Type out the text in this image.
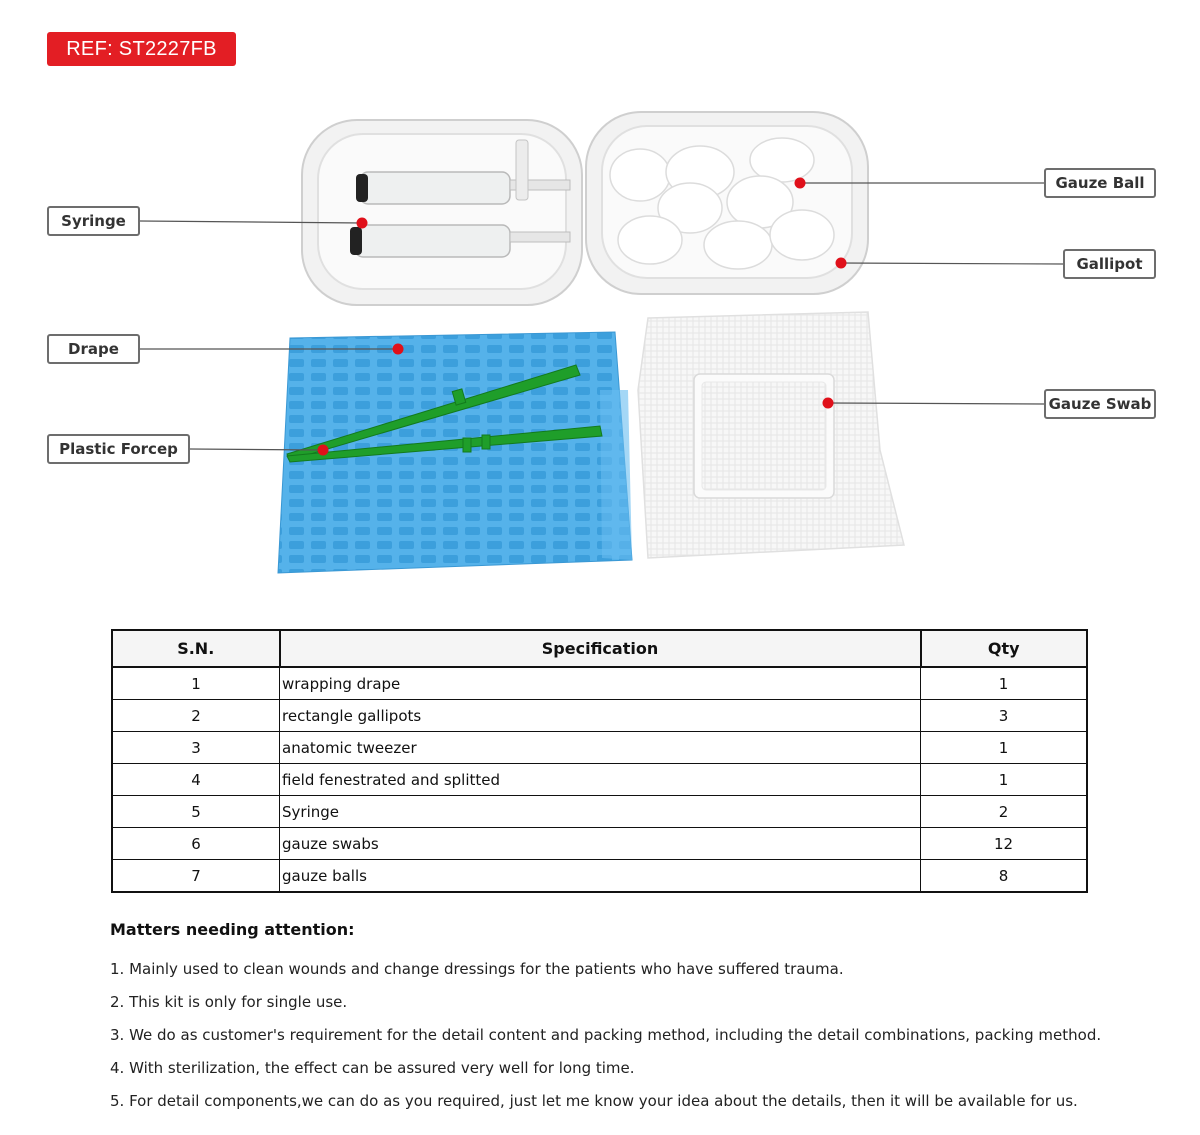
REF: ST2227FB
Syringe
Drape
Plastic Forcep
Gauze Ball
Gallipot
Gauze Swab
S.N.	Specification	Qty
1	wrapping drape	1
2	rectangle gallipots	3
3	anatomic tweezer	1
4	field fenestrated and splitted	1
5	Syringe	2
6	gauze swabs	12
7	gauze balls	8
Matters needing attention:
1. Mainly used to clean wounds and change dressings for the patients who have suffered trauma.
2. This kit is only for single use.
3. We do as customer's requirement for the detail content and packing method, including the detail combinations, packing method.
4. With sterilization, the effect can be assured very well for long time.
5. For detail components,we can do as you required, just let me know your idea about the details, then it will be available for us.
